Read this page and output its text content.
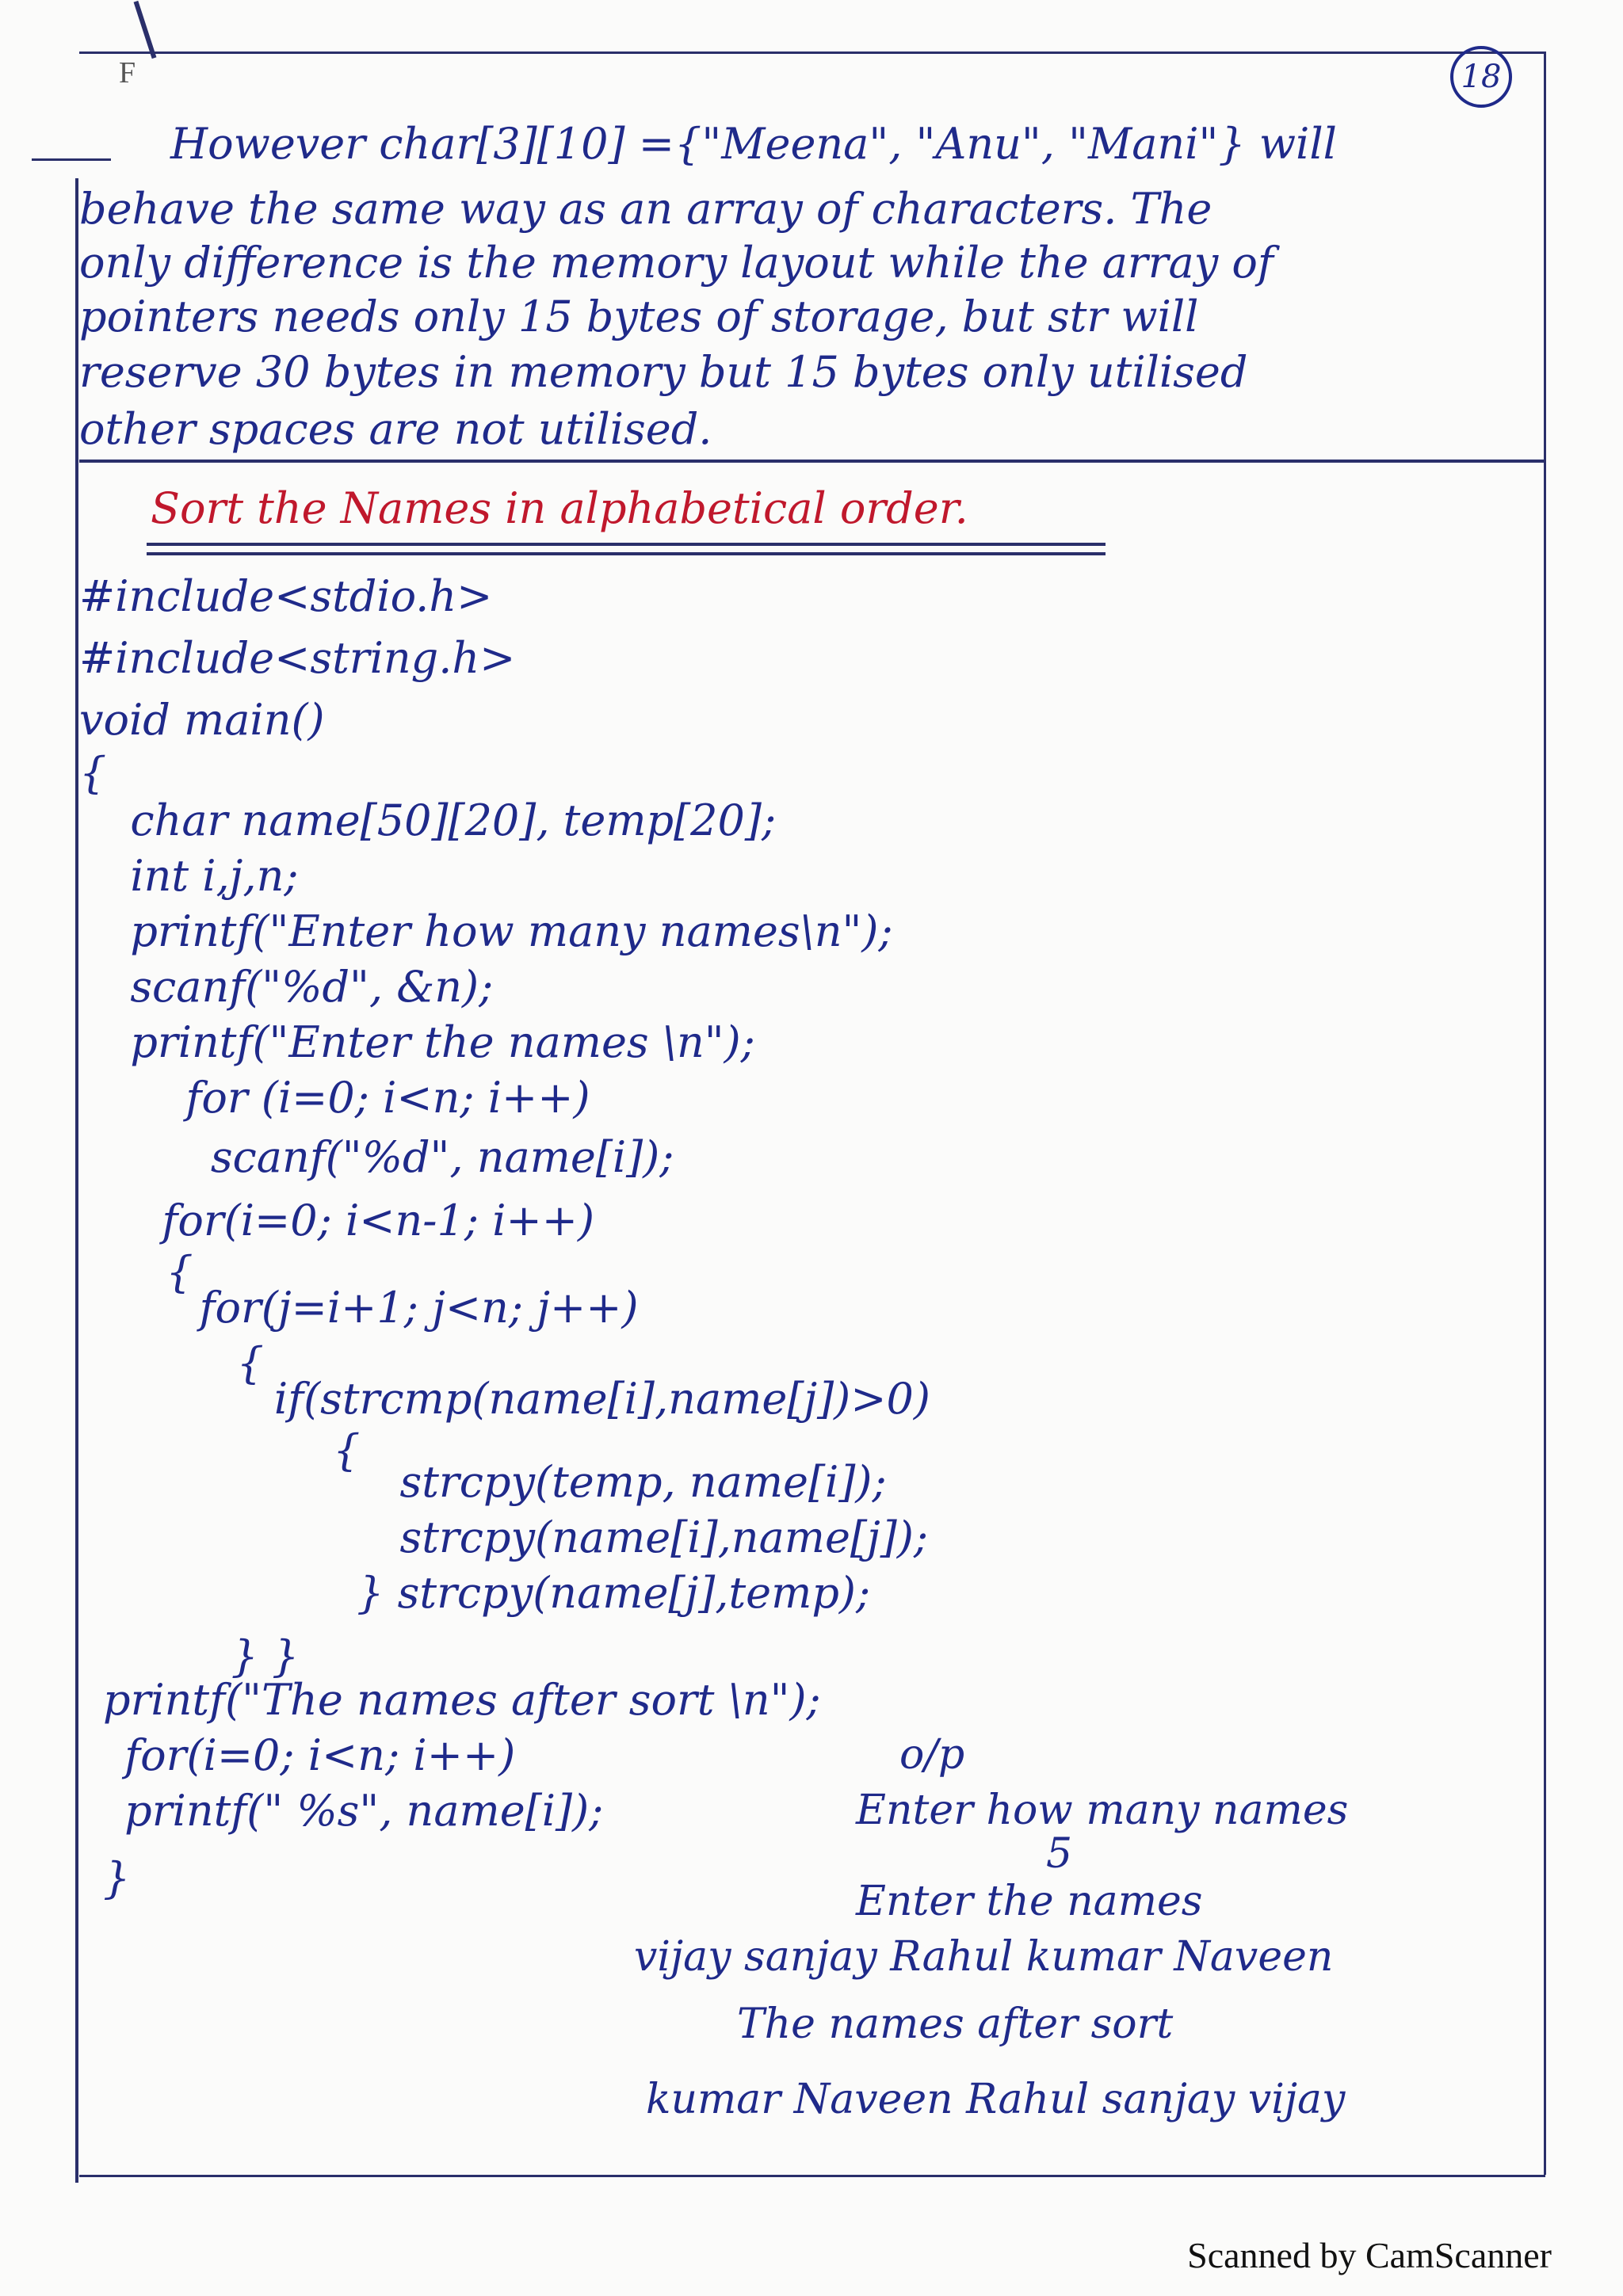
F	18
However char[3][10] ={"Meena", "Anu", "Mani"} will
behave the same way as an array of characters. The
only difference is the memory layout while the array of
pointers needs only 15 bytes of storage, but str will
reserve 30 bytes in memory but 15 bytes only utilised
other spaces are not utilised.
Sort the Names in alphabetical order.
#include<stdio.h>
#include<string.h>
void main()
{
char name[50][20], temp[20];
int i,j,n;
printf("Enter how many names\n");
scanf("%d", &n);
printf("Enter the names \n");
for (i=0; i<n; i++)
scanf("%d", name[i]);
for(i=0; i<n-1; i++)
{
for(j=i+1; j<n; j++)
{
if(strcmp(name[i],name[j])>0)
{
strcpy(temp, name[i]);
strcpy(name[i],name[j]);
} strcpy(name[j],temp);
} }
printf("The names after sort \n");
for(i=0; i<n; i++)
printf(" %s", name[i]);
}
o/p
Enter how many names
5
Enter the names
vijay sanjay Rahul kumar Naveen
The names after sort
kumar Naveen Rahul sanjay vijay
Scanned by CamScanner
